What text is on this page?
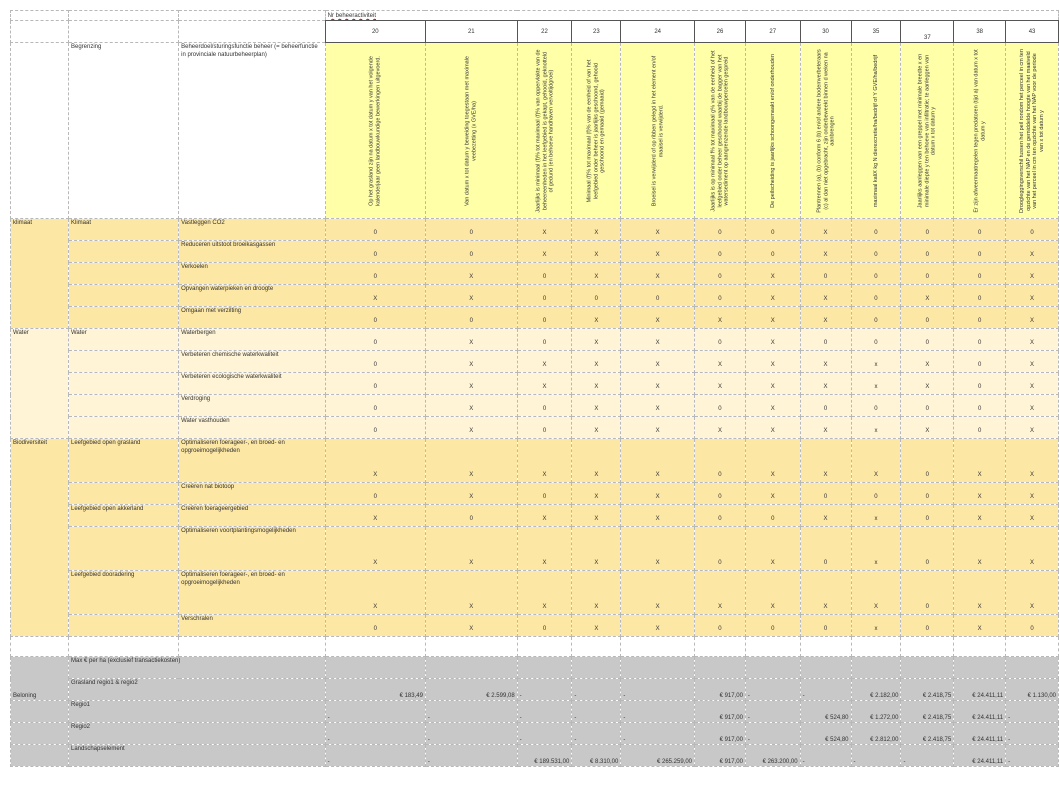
			Nr beheeractiviteit											
			20	21	22	23	24	26	27	30	35	37	38	43
	Begrenzing	Beheerdoel/sturingsfunctie beheer (= beheerfunctie in provinciale natuurbeheerplan)	Op het grasland zijn na datum x tot datum y van het volgende kalenderjaar geen landbouwkundige bewerkingen uitgevoerd.	Van datum x tot datum y beweiding toegestaan met maximale veebezetting (x GVE/ha)	Jaarlijks is minimaal (f)% tot maximaal (f)% van oppervlakte van de beheereenheden in het leefgebied is gekapt, gehooid, geknotteld of gedund (en behoeve handhaven vervoltijdgroei)	Minimaal (f)% tot maximaal (f)% van de eenheid of van het leefgebied onder beheer is jaarlijks geschoond, gehooid geschoond en gemaaid (gemaaid)	Broeisel is verwijderd of op ribben gelegd in het element en/of maaisel is verwijderd.	Jaarlijks is op minimaal f% tot maximaal g% van de eenheid of het leefgebied onder beheer geschoond waarbij de bagger van het watersediment op aangrenzende landbouwpercelen gespreid	De peilscheiding is jaarlijks schoongemaakt en/of onderhouden	Plantrennen (a), (b) conform 6 (b) en/of andere bodemverbeteraars (c) al dan niet opgebracht, zijn onderbeweekt binnen d weken na aanbrengen	maximaal kaliX kg N dierexcretie/ha/bedrijf of Y GVE/ha/bedrijf	Jaarlijks aanleggen van een greppel met minimale breedte x en minimale diepte y ten behoeve van infiltratie; te aanleggen van datum x tot datum y	Er zijn afweermaatregelen tegen predatoren (tijd a) van datum x tot datum y	Droogleggingsverschil tussen het peil rondom het perceel in cm ten opzichte van het NAP en de gemiddelde hoogte van het maaiveld van het perceel in cm ten opzichte van het NAP voor de periode van x tot datum y

klimaat	Klimaat	Vastleggen CO2	0	0	X	X	X	0	0	X	0	0	0	0
		Reduceren uitstoot broeikasgassen	0	0	X	X	X	0	0	X	0	0	0	X
		Verkoelen	0	X	0	X	X	0	X	0	0	0	0	X
		Opvangen waterpieken en droogte	X	X	0	0	0	0	X	X	0	X	0	X
		Omgaan met verzilting	0	0	0	X	X	X	X	X	0	0	0	X
Water	Water	Waterbergen	0	X	0	X	X	0	X	0	0	0	0	X
		Verbeteren chemische waterkwaliteit	0	X	X	X	X	X	X	X	x	X	0	X
		Verbeteren ecologische waterkwaliteit	0	X	X	X	X	X	X	X	x	X	0	X
		Verdroging	0	X	0	X	X	0	X	0	0	0	0	X
		Water vasthouden	0	X	0	X	X	X	X	X	x	X	0	X
Biodiversiteit	Leefgebied open grasland	Optimaliseren foerageer-, en broed- en opgroeimogelijkheden	X	X	X	X	X	0	X	X	X	0	X	X
		Creëren nat biotoop	0	X	0	X	X	0	X	0	0	0	X	X
	Leefgebied open akkerland	Creëren foerageergebied	X	0	X	X	X	0	0	X	x	0	X	X
		Optimaliseren voortplantingsmogelijkheden	X	X	X	X	X	0	X	0	x	0	X	X
	Leefgebied dooradering	Optimaliseren foerageer-, en broed- en opgroeimogelijkheden	X	X	X	X	X	X	X	X	X	0	X	X
		Verschralen	0	X	0	X	X	0	0	0	x	0	X	0

Beloning	Max € per ha (exclusief transactiekosten)													
	Grasland regio1 & regio2		€ 183,49	€ 2.599,08	-	-	-	€ 917,00	-	-	€ 2.182,00	€ 2.418,75	€ 24.411,11	€ 1.130,00
	Regio1		-	-	-	-	-	€ 917,00	-	€ 524,80	€ 1.272,00	€ 2.418,75	€ 24.411,11	-
	Regio2		-	-	-	-	-	€ 917,00	-	€ 524,80	€ 2.812,00	€ 2.418,75	€ 24.411,11	-
	Landschapselement		-	-	€ 189.531,00	€ 8.310,00	€ 265.259,00	€ 917,00	€ 263.200,00	-	-	-	€ 24.411,11	-
